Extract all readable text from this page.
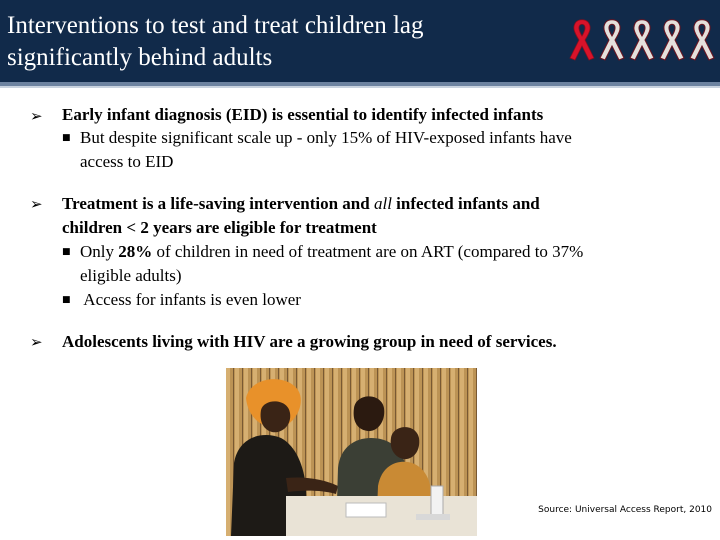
Interventions to test and treat children lag
significantly behind adults
➢ Early infant diagnosis (EID) is essential to identify infected infants
■ But despite significant scale up - only 15% of HIV-exposed infants have
access to EID
➢ Treatment is a life-saving intervention and all infected infants and
children < 2 years are eligible for treatment
■ Only 28% of children in need of treatment are on ART (compared to 37%
eligible adults)
■ Access for infants is even lower
➢ Adolescents living with HIV are a growing group in need of services.
Source: Universal Access Report, 2010
